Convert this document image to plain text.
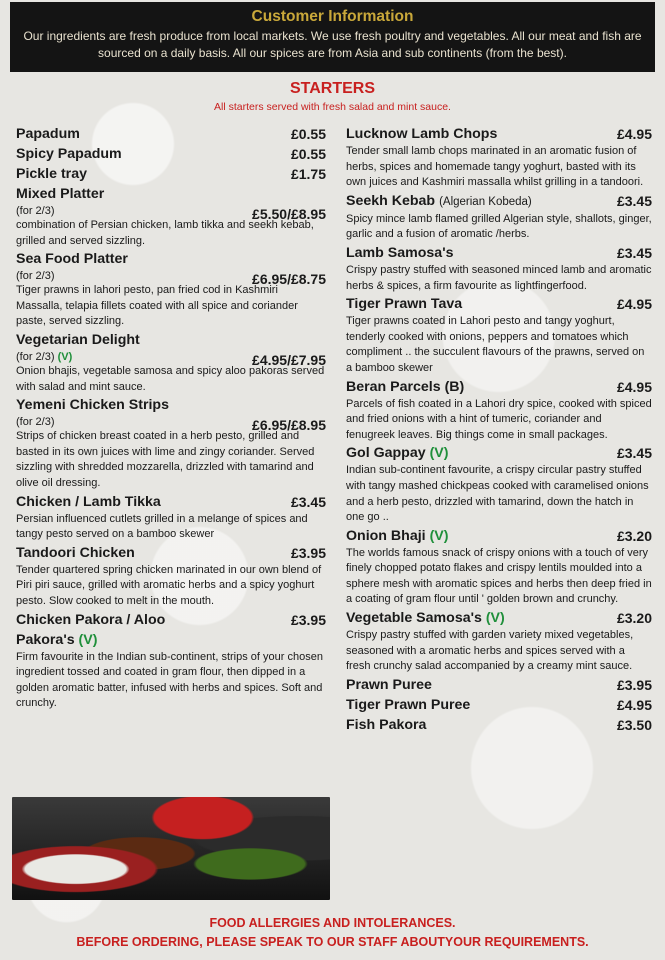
Customer Information
Our ingredients are fresh produce from local markets. We use fresh poultry and vegetables. All our meat and fish are sourced on a daily basis. All our spices are from Asia and sub continents (from the best).
STARTERS
All starters served with fresh salad and mint sauce.
Papadum	£0.55
Spicy Papadum	£0.55
Pickle tray	£1.75
Mixed Platter
(for 2/3)	£5.50/£8.95
combination of Persian chicken, lamb tikka and seekh kebab, grilled and served sizzling.
Sea Food Platter
(for 2/3)	£6.95/£8.75
Tiger prawns in lahori pesto, pan fried cod in Kashmiri Massalla, telapia fillets coated with all spice and coriander paste, served sizzling.
Vegetarian Delight
(for 2/3) (V)	£4.95/£7.95
Onion bhajis, vegetable samosa and spicy aloo pakoras served with salad and mint sauce.
Yemeni Chicken Strips
(for 2/3)	£6.95/£8.95
Strips of chicken breast coated in a herb pesto, grilled and basted in its own juices with lime and zingy coriander. Served sizzling with shredded mozzarella, drizzled with tamarind and olive oil dressing.
Chicken / Lamb Tikka	£3.45
Persian influenced cutlets grilled in a melange of spices and tangy pesto served on a bamboo skewer
Tandoori Chicken	£3.95
Tender quartered spring chicken marinated in our own blend of Piri piri sauce, grilled with aromatic herbs and a spicy yoghurt pesto. Slow cooked to melt in the mouth.
Chicken Pakora / Aloo
Pakora's (V)
£3.95
Firm favourite in the Indian sub-continent, strips of your chosen ingredient tossed and coated in gram flour, then dipped in a golden aromatic batter, infused with herbs and spices. Soft and crunchy.
Lucknow Lamb Chops	£4.95
Tender small lamb chops marinated in an aromatic fusion of herbs, spices and homemade tangy yoghurt, basted with its own juices and Kashmiri massalla whilst grilling in a tandoori.
Seekh Kebab (Algerian Kobeda)	£3.45
Spicy mince lamb flamed grilled Algerian style, shallots, ginger, garlic and a fusion of aromatic /herbs.
Lamb Samosa's	£3.45
Crispy pastry stuffed with seasoned minced lamb and aromatic herbs & spices, a firm favourite as lightfingerfood.
Tiger Prawn Tava	£4.95
Tiger prawns coated in Lahori pesto and tangy yoghurt, tenderly cooked with onions, peppers and tomatoes which compliment .. the succulent flavours of the prawns, served on a bamboo skewer
Beran Parcels (B)	£4.95
Parcels of fish coated in a Lahori dry spice, cooked with spiced and fried onions with a hint of tumeric, coriander and fenugreek leaves. Big things come in small packages.
Gol Gappay (V)	£3.45
Indian sub-continent favourite, a crispy circular pastry stuffed with tangy mashed chickpeas cooked with caramelised onions and a herb pesto, drizzled with tamarind, down the hatch in one go ..
Onion Bhaji (V)	£3.20
The worlds famous snack of crispy onions with a touch of very finely chopped potato flakes and crispy lentils moulded into a sphere mesh with aromatic spices and herbs then deep fried in a coating of gram flour until ' golden brown and crunchy.
Vegetable Samosa's (V)	£3.20
Crispy pastry stuffed with garden variety mixed vegetables, seasoned with a aromatic herbs and spices served with a fresh crunchy salad accompanied by a creamy mint sauce.
Prawn Puree	£3.95
Tiger Prawn Puree	£4.95
Fish Pakora	£3.50
FOOD ALLERGIES AND INTOLERANCES.
BEFORE ORDERING, PLEASE SPEAK TO OUR STAFF ABOUTYOUR REQUIREMENTS.
